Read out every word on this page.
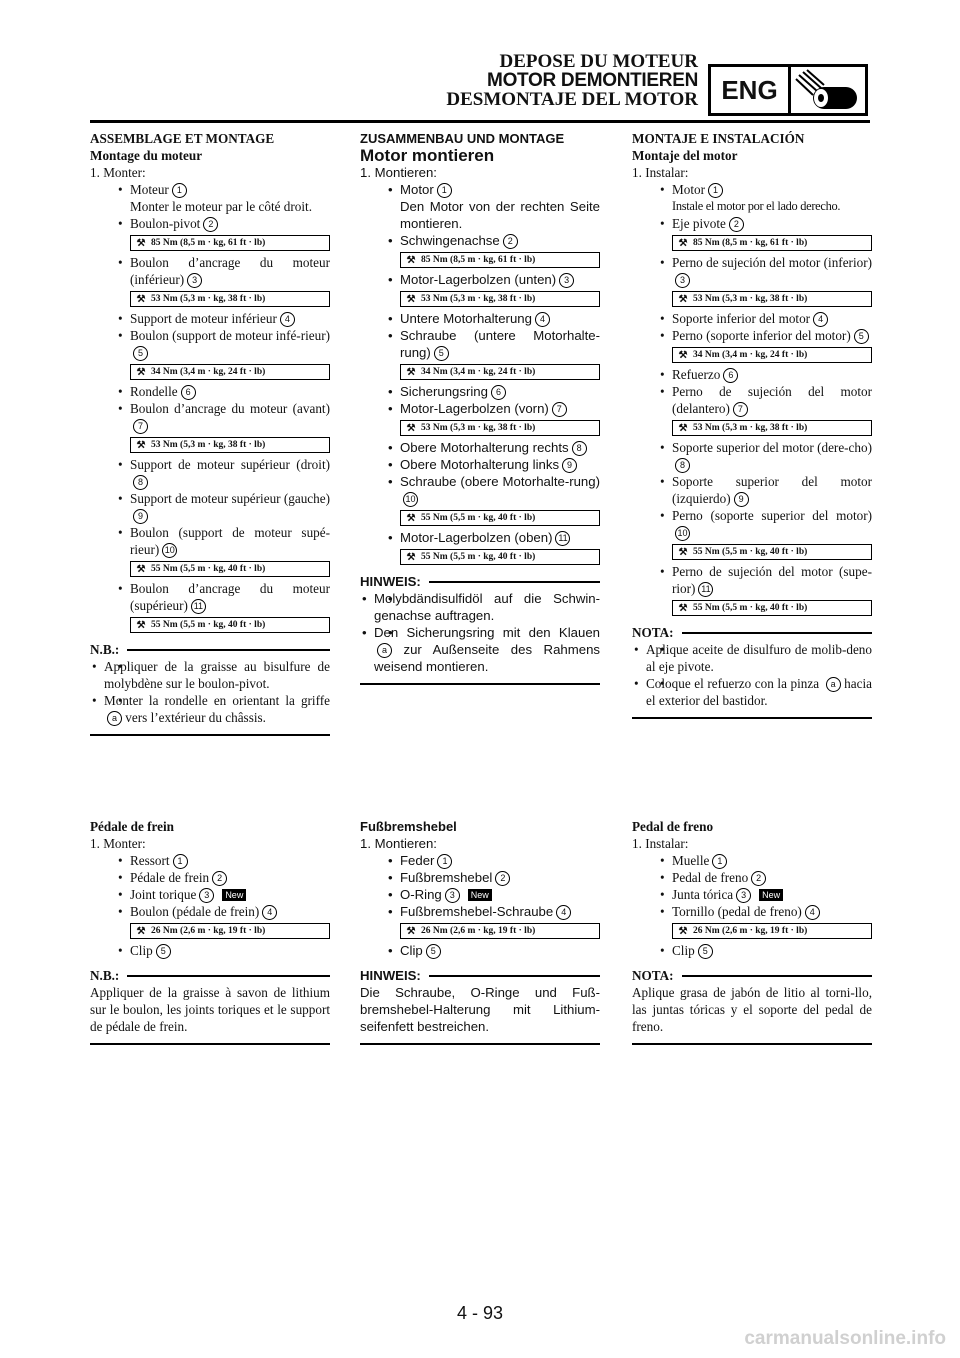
DEPOSE DU MOTEUR
MOTOR DEMONTIEREN
DESMONTAJE DEL MOTOR ENG
ASSEMBLAGE ET MONTAGE
Montage du moteur
1. Monter:
• Moteur 1
Monter le moteur par le côté droit.
• Boulon-pivot 2
⚒ 85 Nm (8,5 m · kg, 61 ft · lb)
• Boulon d’ancrage du moteur (inférieur) 3
⚒ 53 Nm (5,3 m · kg, 38 ft · lb)
• Support de moteur inférieur 4
• Boulon (support de moteur infé-rieur)5
⚒ 34 Nm (3,4 m · kg, 24 ft · lb)
• Rondelle 6
• Boulon d’ancrage du moteur (avant)7
⚒ 53 Nm (5,3 m · kg, 38 ft · lb)
• Support de moteur supérieur (droit)8
• Support de moteur supérieur (gauche)9
• Boulon (support de moteur supé-rieur) 10
⚒ 55 Nm (5,5 m · kg, 40 ft · lb)
• Boulon d’ancrage du moteur (supérieur) 11
⚒ 55 Nm (5,5 m · kg, 40 ft · lb)
N.B.:
• • Appliquer de la graisse au bisulfure de molybdène sur le boulon-pivot.
• • Monter la rondelle en orientant la griffe a vers l’extérieur du châssis.
ZUSAMMENBAU UND MONTAGE
Motor montieren
1. Montieren:
• Motor 1
Den Motor von der rechten Seite montieren.
• Schwingenachse 2
⚒ 85 Nm (8,5 m · kg, 61 ft · lb)
• Motor-Lagerbolzen (unten) 3
⚒ 53 Nm (5,3 m · kg, 38 ft · lb)
• Untere Motorhalterung 4
• Schraube (untere Motorhalte-rung) 5
⚒ 34 Nm (3,4 m · kg, 24 ft · lb)
• Sicherungsring 6
• Motor-Lagerbolzen (vorn) 7
⚒ 53 Nm (5,3 m · kg, 38 ft · lb)
• Obere Motorhalterung rechts 8
• Obere Motorhalterung links 9
• Schraube (obere Motorhalte-rung)10
⚒ 55 Nm (5,5 m · kg, 40 ft · lb)
• Motor-Lagerbolzen (oben) 11
⚒ 55 Nm (5,5 m · kg, 40 ft · lb)
HINWEIS:
• • Molybdändisulfidöl auf die Schwin-genachse auftragen.
• • Den Sicherungsring mit den Klauen a zur Außenseite des Rahmens weisend montieren.
MONTAJE E INSTALACIÓN
Montaje del motor
1. Instalar:
• Motor 1
Instale el motor por el lado derecho.
• Eje pivote 2
⚒ 85 Nm (8,5 m · kg, 61 ft · lb)
• Perno de sujeción del motor (inferior)3
⚒ 53 Nm (5,3 m · kg, 38 ft · lb)
• Soporte inferior del motor 4
• Perno (soporte inferior del motor) 5
⚒ 34 Nm (3,4 m · kg, 24 ft · lb)
• Refuerzo 6
• Perno de sujeción del motor (delantero) 7
⚒ 53 Nm (5,3 m · kg, 38 ft · lb)
• Soporte superior del motor (dere-cho)8
• Soporte superior del motor (izquierdo) 9
• Perno (soporte superior del motor)10
⚒ 55 Nm (5,5 m · kg, 40 ft · lb)
• Perno de sujeción del motor (supe-rior) 11
⚒ 55 Nm (5,5 m · kg, 40 ft · lb)
NOTA:
• • Aplique aceite de disulfuro de molib-deno al eje pivote.
• • Coloque el refuerzo con la pinza a hacia el exterior del bastidor.
Pédale de frein
1. Monter:
• Ressort 1
• Pédale de frein 2
• Joint torique 3 New
• Boulon (pédale de frein) 4
⚒ 26 Nm (2,6 m · kg, 19 ft · lb)
• Clip 5
N.B.:
Appliquer de la graisse à savon de lithium sur le boulon, les joints toriques et le support de pédale de frein.
Fußbremshebel
1. Montieren:
• Feder 1
• Fußbremshebel 2
• O-Ring 3 New
• Fußbremshebel-Schraube 4
⚒ 26 Nm (2,6 m · kg, 19 ft · lb)
• Clip 5
HINWEIS:
Die Schraube, O-Ringe und Fuß-bremshebel-Halterung mit Lithium-seifenfett bestreichen.
Pedal de freno
1. Instalar:
• Muelle 1
• Pedal de freno 2
• Junta tórica 3 New
• Tornillo (pedal de freno) 4
⚒ 26 Nm (2,6 m · kg, 19 ft · lb)
• Clip 5
NOTA:
Aplique grasa de jabón de litio al torni-llo, las juntas tóricas y el soporte del pedal de freno.
4 - 93
carmanualsonline.info
